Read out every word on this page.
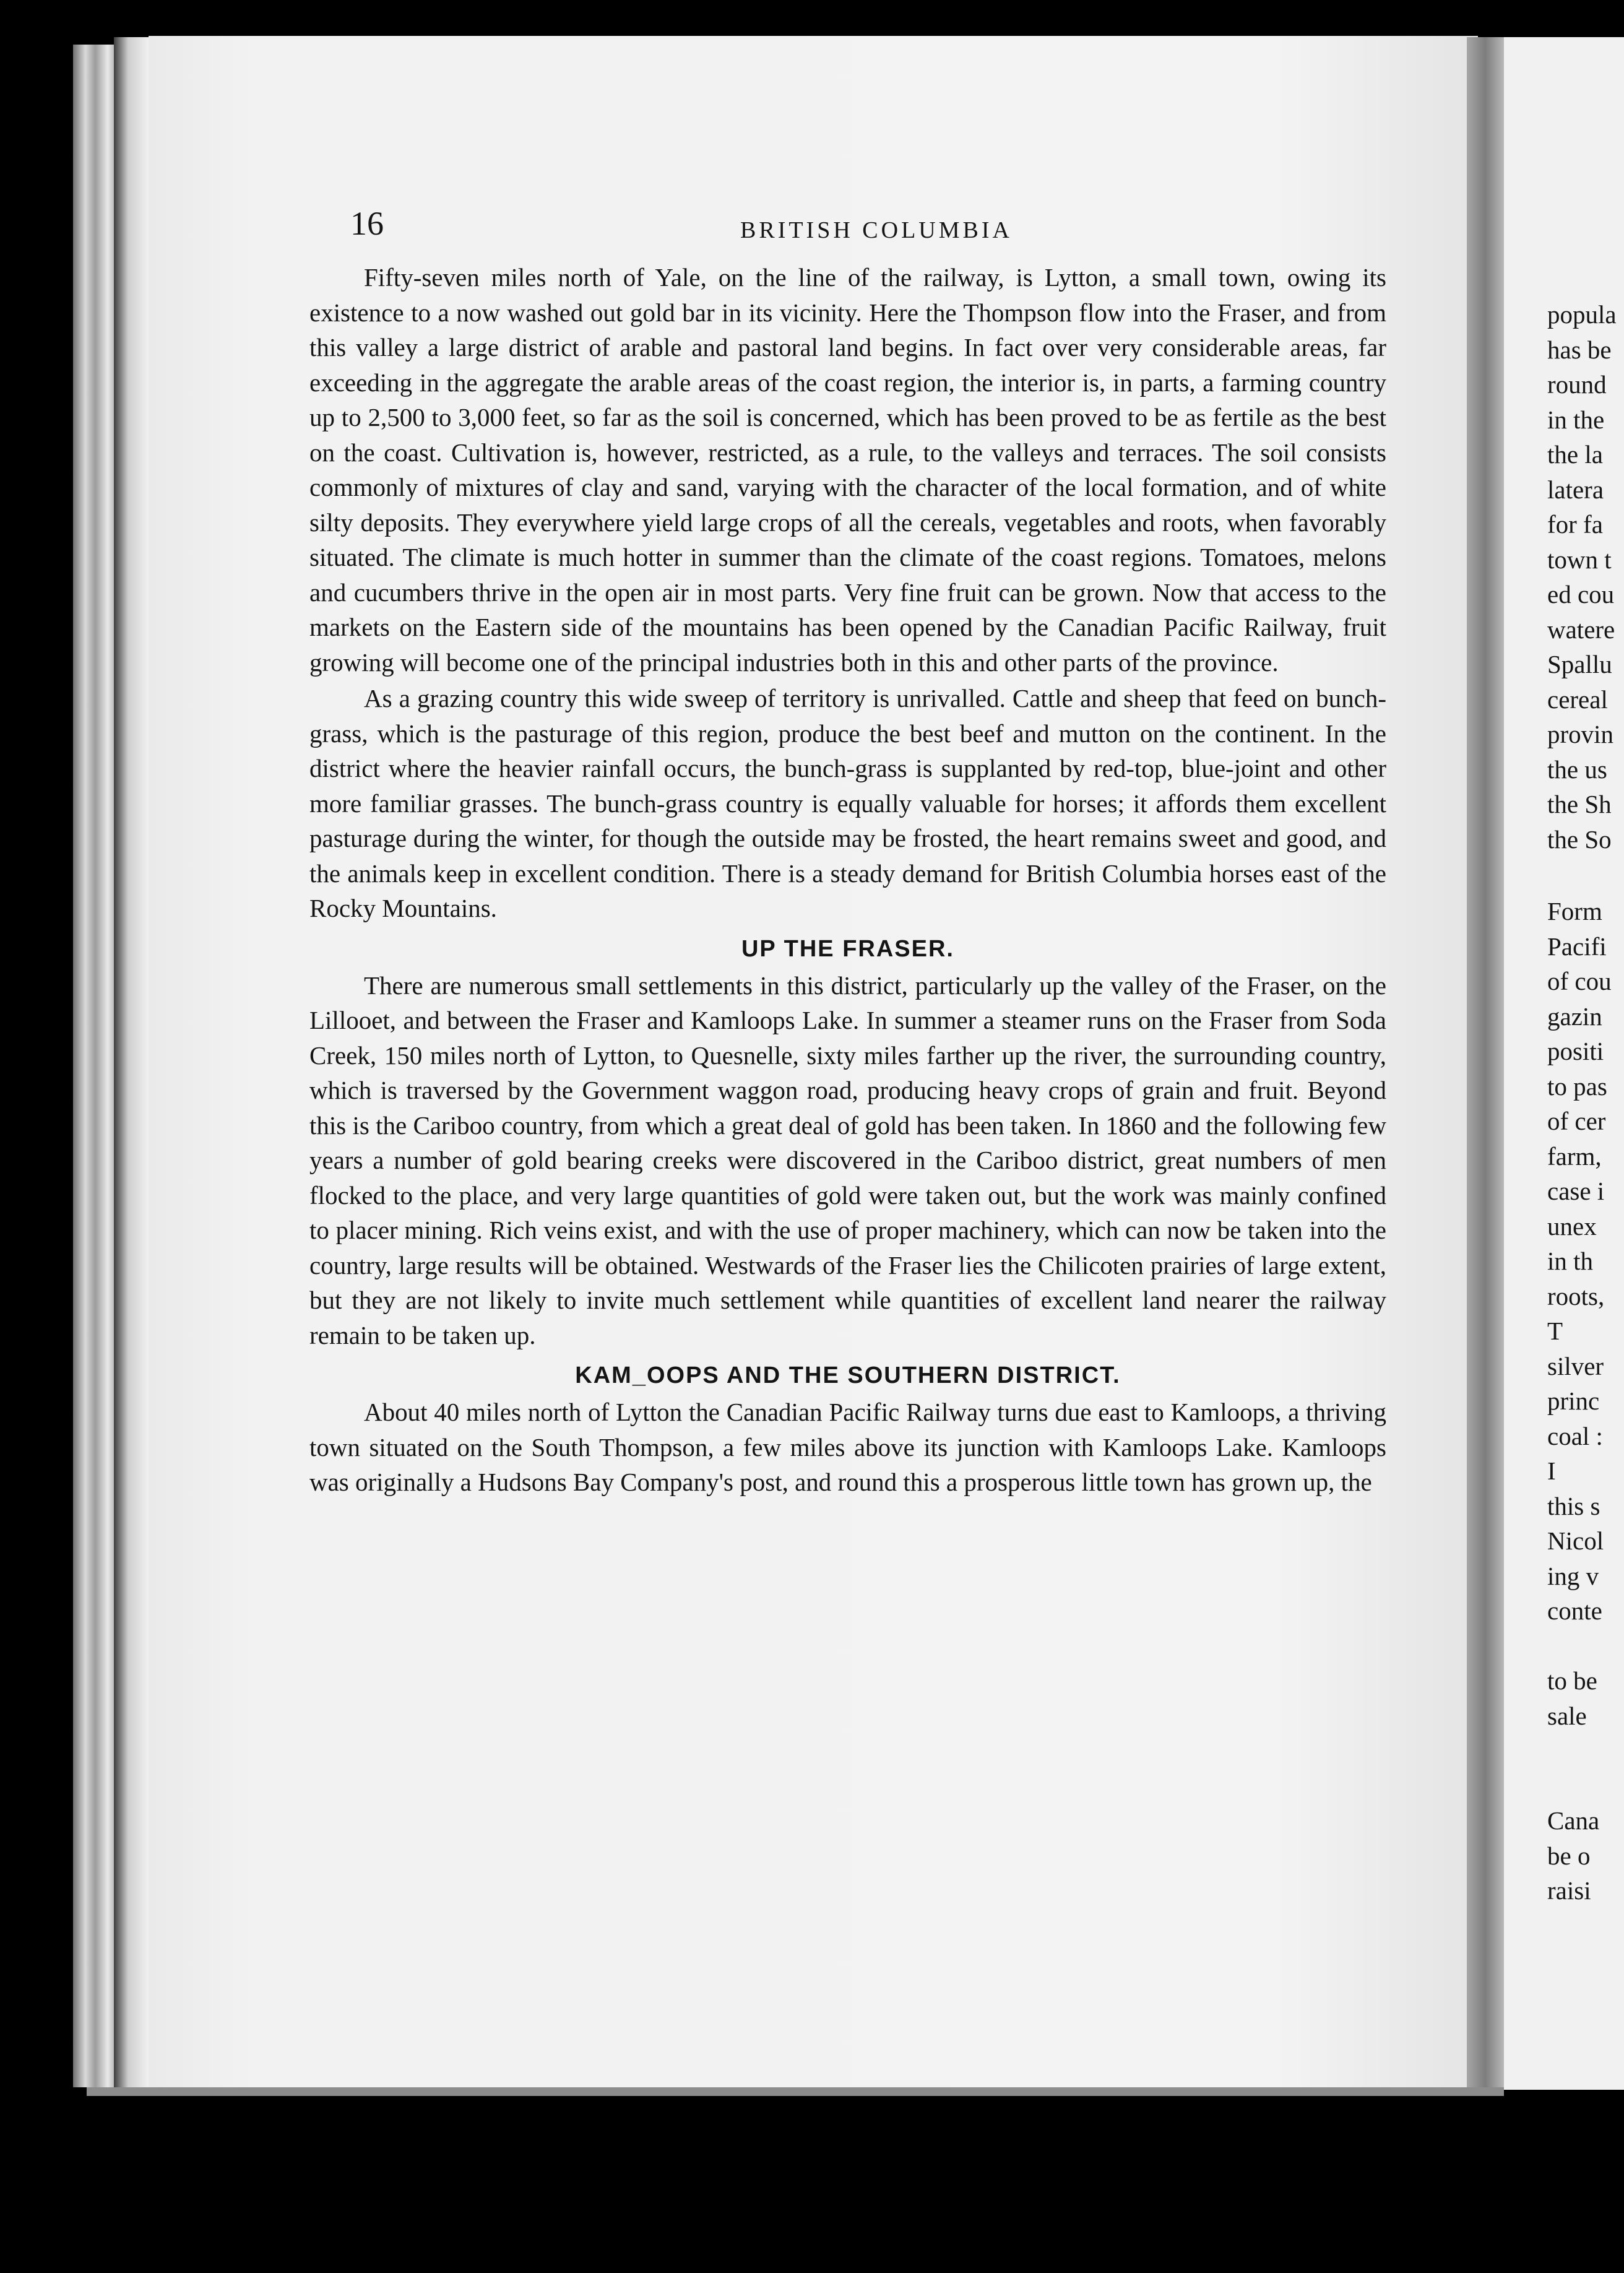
16	BRITISH COLUMBIA

Fifty-seven miles north of Yale, on the line of the railway, is Lytton, a small town, owing its existence to a now washed out gold bar in its vicinity. Here the Thompson flow into the Fraser, and from this valley a large district of arable and pastoral land begins. In fact over very considerable areas, far exceeding in the aggregate the arable areas of the coast region, the interior is, in parts, a farming country up to 2,500 to 3,000 feet, so far as the soil is concerned, which has been proved to be as fertile as the best on the coast. Cultivation is, however, restricted, as a rule, to the valleys and terraces. The soil consists commonly of mixtures of clay and sand, varying with the character of the local formation, and of white silty deposits. They everywhere yield large crops of all the cereals, vegetables and roots, when favorably situated. The climate is much hotter in summer than the climate of the coast regions. Tomatoes, melons and cucumbers thrive in the open air in most parts. Very fine fruit can be grown. Now that access to the markets on the Eastern side of the mountains has been opened by the Canadian Pacific Railway, fruit growing will become one of the principal industries both in this and other parts of the province.

As a grazing country this wide sweep of territory is unrivalled. Cattle and sheep that feed on bunch-grass, which is the pasturage of this region, produce the best beef and mutton on the continent. In the district where the heavier rainfall occurs, the bunch-grass is supplanted by red-top, blue-joint and other more familiar grasses. The bunch-grass country is equally valuable for horses; it affords them excellent pasturage during the winter, for though the outside may be frosted, the heart remains sweet and good, and the animals keep in excellent condition. There is a steady demand for British Columbia horses east of the Rocky Mountains.

UP THE FRASER.

There are numerous small settlements in this district, particularly up the valley of the Fraser, on the Lillooet, and between the Fraser and Kamloops Lake. In summer a steamer runs on the Fraser from Soda Creek, 150 miles north of Lytton, to Quesnelle, sixty miles farther up the river, the surrounding country, which is traversed by the Government waggon road, producing heavy crops of grain and fruit. Beyond this is the Cariboo country, from which a great deal of gold has been taken. In 1860 and the following few years a number of gold bearing creeks were discovered in the Cariboo district, great numbers of men flocked to the place, and very large quantities of gold were taken out, but the work was mainly confined to placer mining. Rich veins exist, and with the use of proper machinery, which can now be taken into the country, large results will be obtained. Westwards of the Fraser lies the Chilicoten prairies of large extent, but they are not likely to invite much settlement while quantities of excellent land nearer the railway remain to be taken up.

KAM_OOPS AND THE SOUTHERN DISTRICT.

About 40 miles north of Lytton the Canadian Pacific Railway turns due east to Kamloops, a thriving town situated on the South Thompson, a few miles above its junction with Kamloops Lake. Kamloops was originally a Hudsons Bay Company's post, and round this a prosperous little town has grown up, the

popula
has be
round
in the
the la
latera
for fa
town t
ed cou
watere
Spallu
cereal
provin
the us
the Sh
the So
Form
Pacifi
of cou
gazin
positi
to pas
of cer
farm,
case i
unex
in th
roots,
T
silver
princ
coal :
I
this s
Nicol
ing v
conte

to be
sale

Cana
be o
raisi
